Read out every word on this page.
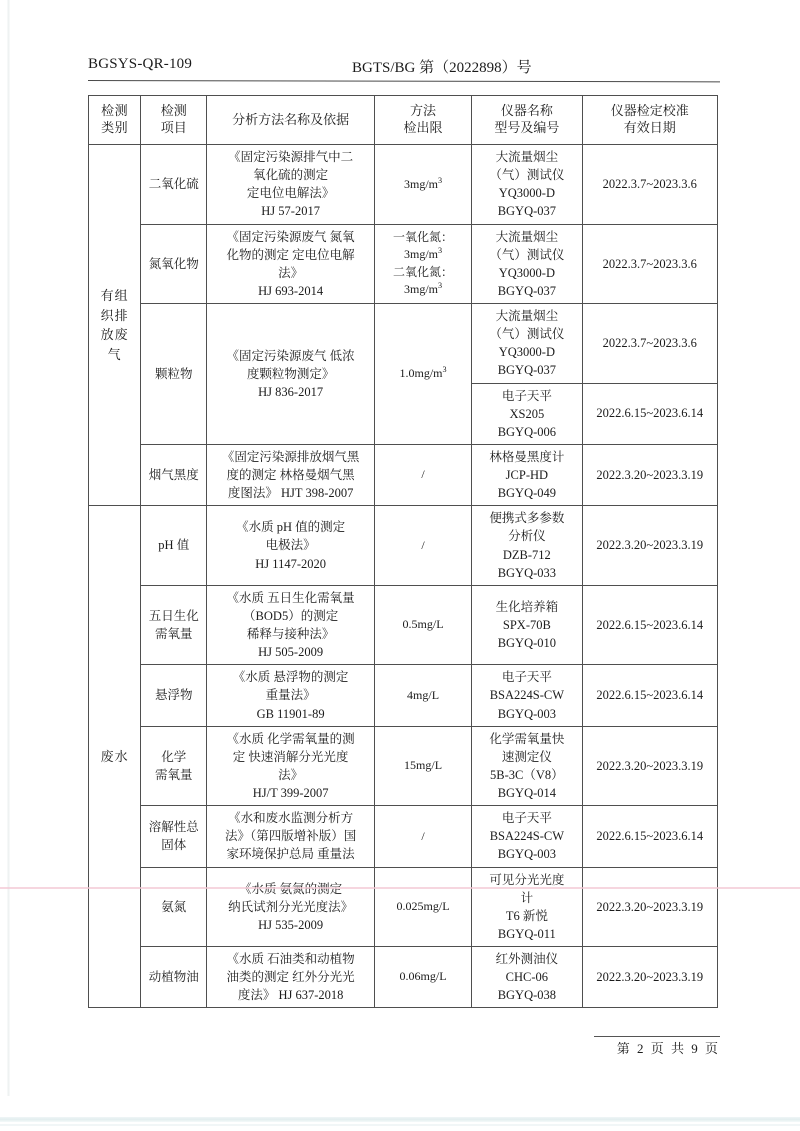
BGSYS-QR-109	BGTS/BG 第（2022898）号
检测
类别	检测
项目	分析方法名称及依据	方法
检出限	仪器名称
型号及编号	仪器检定校准
有效日期

有组
织排
放废
气	二氧化硫	《固定污染源排气中二
氧化硫的测定
定电位电解法》
HJ 57-2017	$3mg/m^3$	大流量烟尘
（气）测试仪
YQ3000-D
BGYQ-037	2022.3.7~2023.3.6

	氮氧化物	《固定污染源废气 氮氧
化物的测定 定电位电解
法》
HJ 693-2014	一氧化氮：
$3mg/m^3$
二氧化氮：
$3mg/m^3$	大流量烟尘
（气）测试仪
YQ3000-D
BGYQ-037	2022.3.7~2023.3.6

	颗粒物	《固定污染源废气 低浓
度颗粒物测定》
HJ 836-2017	$1.0mg/m^3$	大流量烟尘
（气）测试仪
YQ3000-D
BGYQ-037	2022.3.7~2023.3.6

				电子天平
XS205
BGYQ-006	2022.6.15~2023.6.14

	烟气黑度	《固定污染源排放烟气黑
度的测定 林格曼烟气黑
度图法》 HJT 398-2007	/	林格曼黑度计
JCP-HD
BGYQ-049	2022.3.20~2023.3.19

废水	pH 值	《水质 pH 值的测定
电极法》
HJ 1147-2020	/	便携式多参数
分析仪
DZB-712
BGYQ-033	2022.3.20~2023.3.19

	五日生化
需氧量	《水质 五日生化需氧量
（BOD5）的测定
稀释与接种法》
HJ 505-2009	0.5mg/L	生化培养箱
SPX-70B
BGYQ-010	2022.6.15~2023.6.14

	悬浮物	《水质 悬浮物的测定
重量法》
GB 11901-89	4mg/L	电子天平
BSA224S-CW
BGYQ-003	2022.6.15~2023.6.14

	化学
需氧量	《水质 化学需氧量的测
定 快速消解分光光度
法》
HJ/T 399-2007	15mg/L	化学需氧量快
速测定仪
5B-3C（V8）
BGYQ-014	2022.3.20~2023.3.19

	溶解性总
固体	《水和废水监测分析方
法》（第四版增补版）国
家环境保护总局 重量法	/	电子天平
BSA224S-CW
BGYQ-003	2022.6.15~2023.6.14

	氨氮	纳氏试剂分光光度法》
HJ 535-2009	0.025mg/L	可见分光光度
计
T6 新悦
BGYQ-011	2022.3.20~2023.3.19

	动植物油	《水质 石油类和动植物
油类的测定 红外分光光
度法》 HJ 637-2018	0.06mg/L	红外测油仪
CHC-06
BGYQ-038	2022.3.20~2023.3.19
第 2 页 共 9 页
